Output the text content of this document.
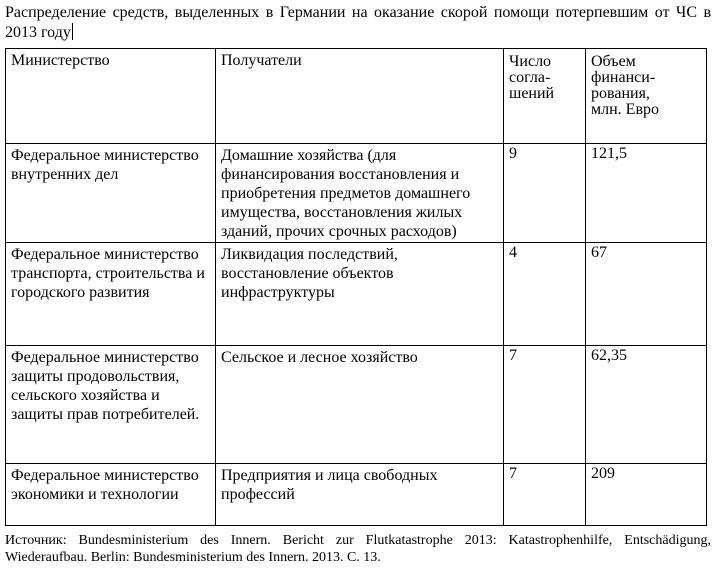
Распределение средств, выделенных в Германии на оказание скорой помощи потерпевшим от ЧС в 2013 году
Министерство	Получатели	Число
согла-
шений	Объем
финанси-
рования,
млн. Евро
Федеральное министерство внутренних дел	Домашние хозяйства (для финансирования восстановления и приобретения предметов домашнего имущества, восстановления жилых зданий, прочих срочных расходов)	9	121,5
Федеральное министерство транспорта, строительства и городского развития	Ликвидация последствий, восстановление объектов инфраструктуры	4	67
Федеральное министерство защиты продовольствия, сельского хозяйства и защиты прав потребителей.	Сельское и лесное хозяйство	7	62,35
Федеральное министерство экономики и технологии	Предприятия и лица свободных профессий	7	209
Источник: Bundesministerium des Innern. Bericht zur Flutkatastrophe 2013: Katastrophenhilfe, Entschädigung, Wiederaufbau. Berlin: Bundesministerium des Innern. 2013. С. 13.
